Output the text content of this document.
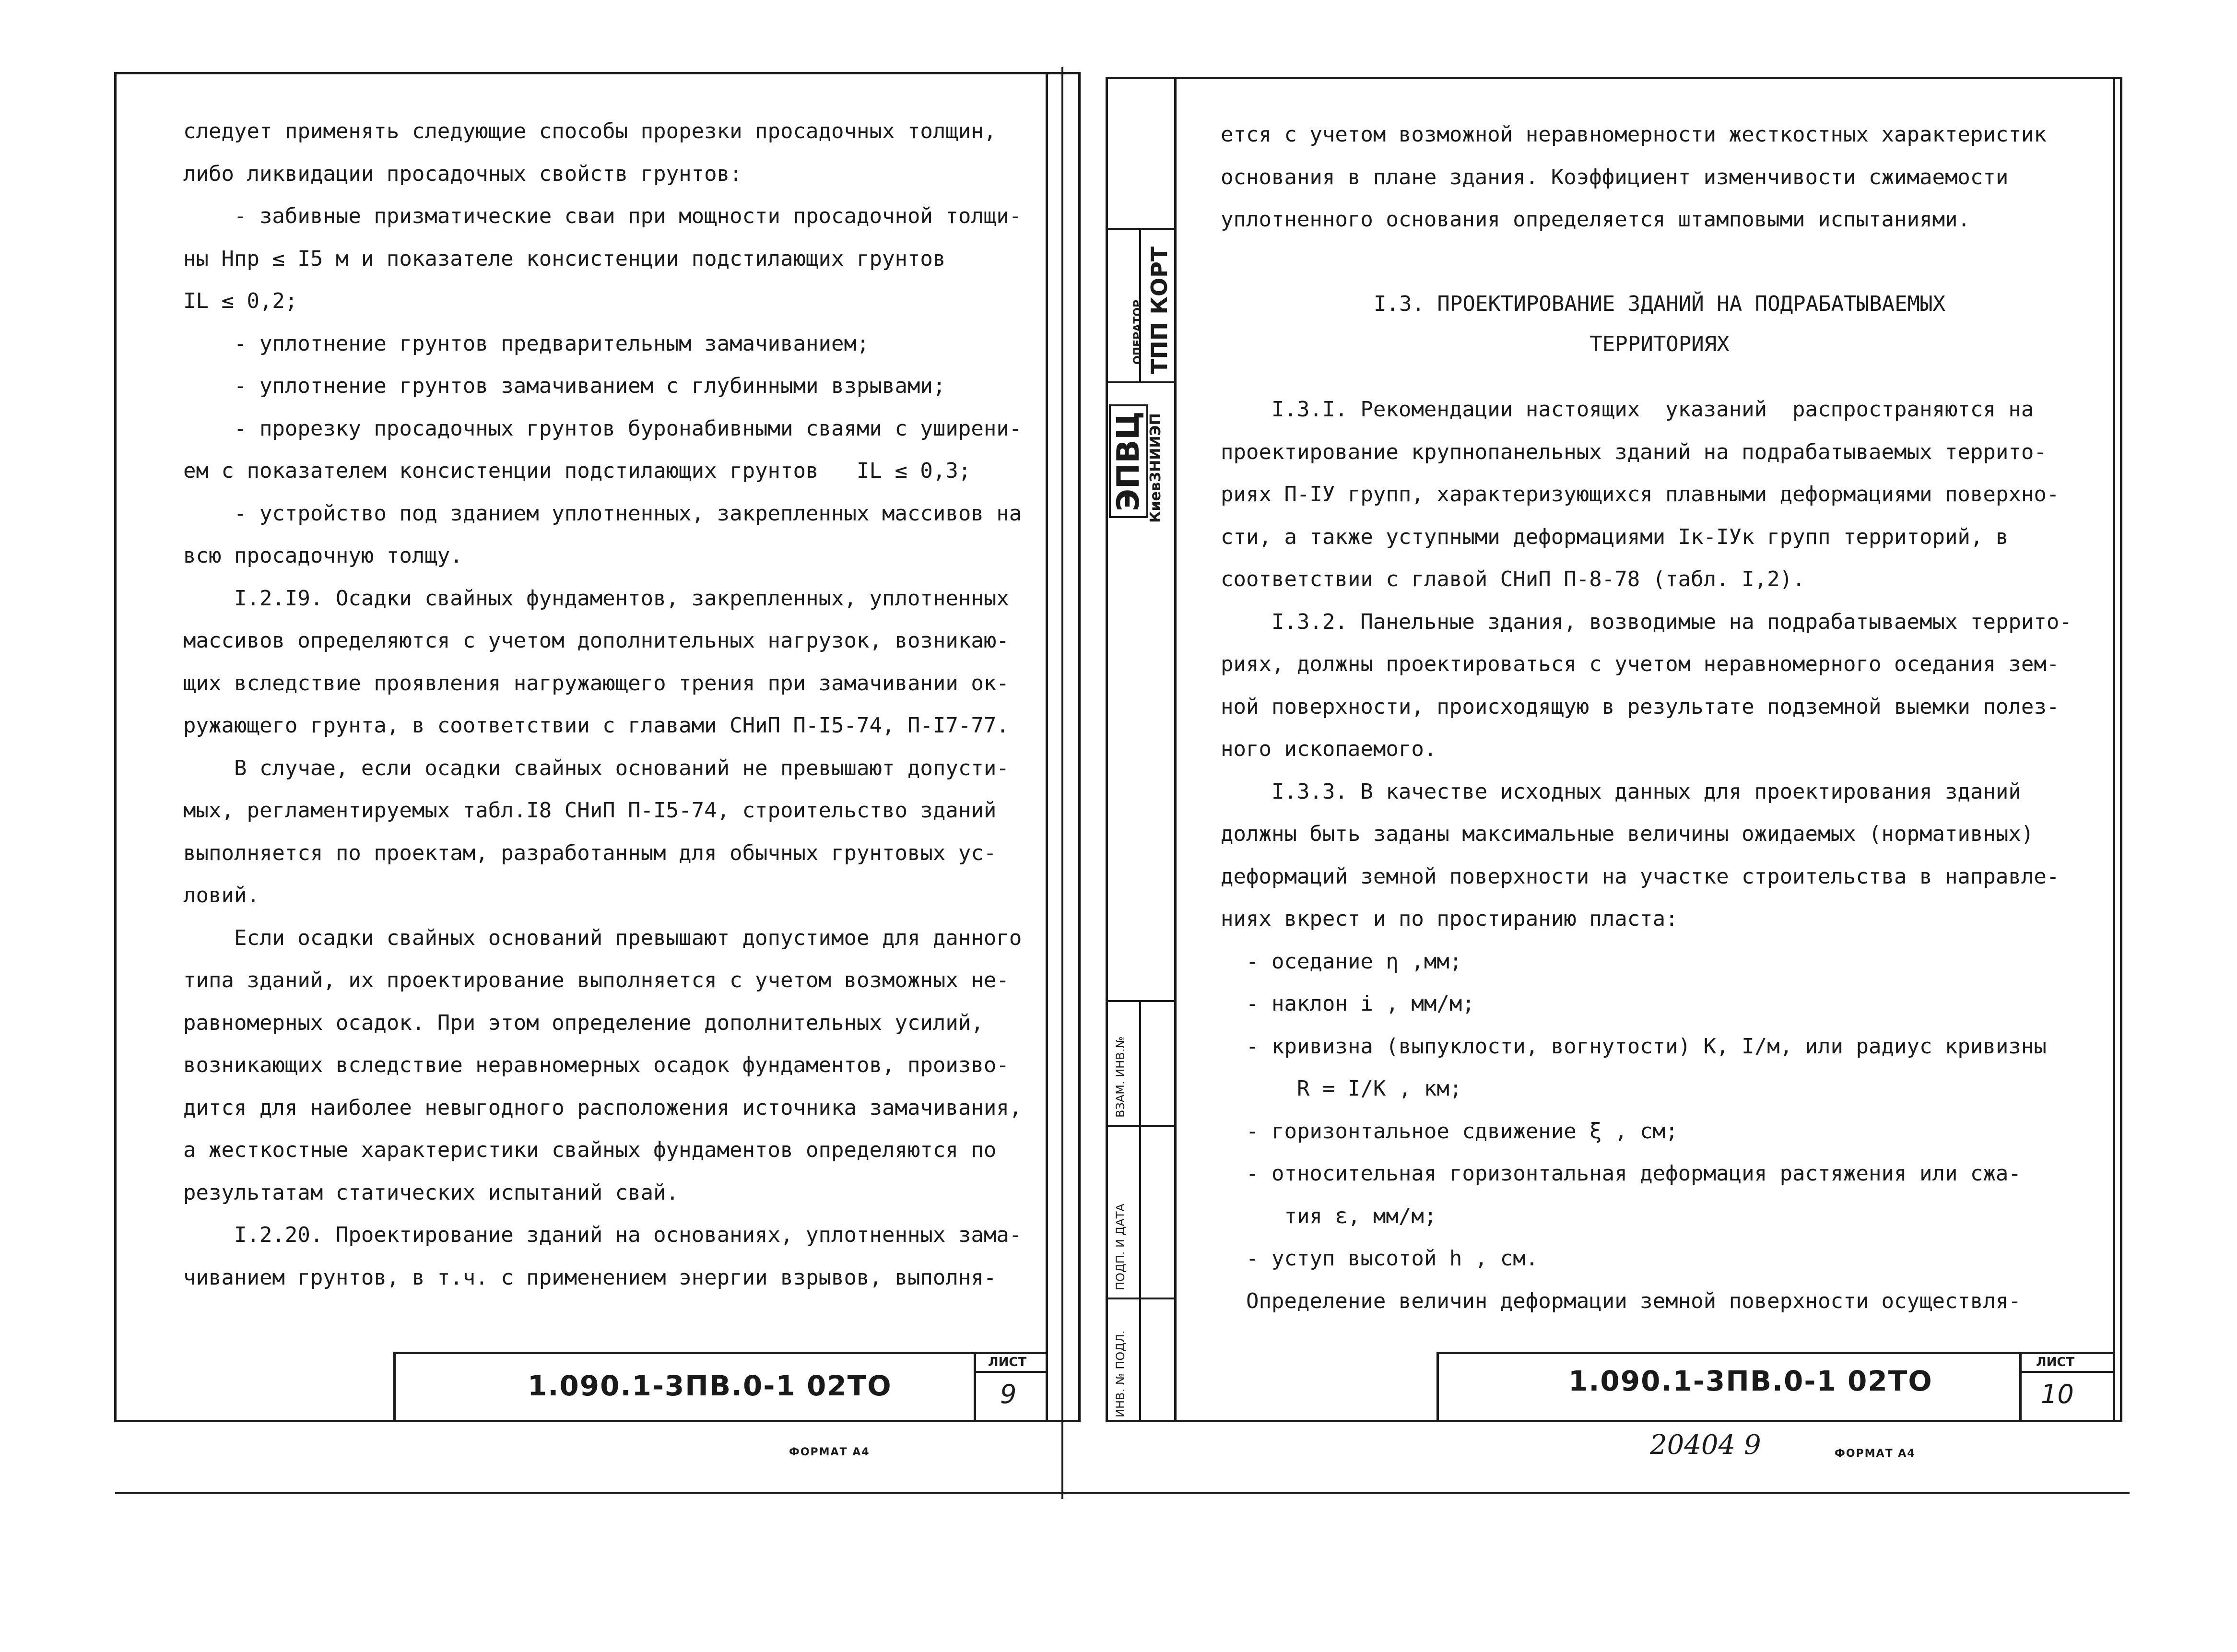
следует применять следующие способы прорезки просадочных толщин,
либо ликвидации просадочных свойств грунтов:
- забивные призматические сваи при мощности просадочной толщи-
ны Нпр ≤ I5 м и показателе консистенции подстилающих грунтов
IL ≤ 0,2;
- уплотнение грунтов предварительным замачиванием;
- уплотнение грунтов замачиванием с глубинными взрывами;
- прорезку просадочных грунтов буронабивными сваями с уширени-
ем с показателем консистенции подстилающих грунтов   IL ≤ 0,3;
- устройство под зданием уплотненных, закрепленных массивов на
всю просадочную толщу.
I.2.I9. Осадки свайных фундаментов, закрепленных, уплотненных
массивов определяются с учетом дополнительных нагрузок, возникаю-
щих вследствие проявления нагружающего трения при замачивании ок-
ружающего грунта, в соответствии с главами СНиП П-I5-74, П-I7-77.
В случае, если осадки свайных оснований не превышают допусти-
мых, регламентируемых табл.I8 СНиП П-I5-74, строительство зданий
выполняется по проектам, разработанным для обычных грунтовых ус-
ловий.
Если осадки свайных оснований превышают допустимое для данного
типа зданий, их проектирование выполняется с учетом возможных не-
равномерных осадок. При этом определение дополнительных усилий,
возникающих вследствие неравномерных осадок фундаментов, произво-
дится для наиболее невыгодного расположения источника замачивания,
а жесткостные характеристики свайных фундаментов определяются по
результатам статических испытаний свай.
I.2.20. Проектирование зданий на основаниях, уплотненных зама-
чиванием грунтов, в т.ч. с применением энергии взрывов, выполня-
1.090.1-3ПВ.0-1 02ТО
ЛИСТ
9
ФОРМАТ А4
ОПЕРАТОР ТПП КОРТ
ЭПВЦ КиевЗНИИЭП
ВЗАМ. ИНВ.№
ПОДП. И ДАТА
ИНВ. № ПОДЛ.
ется с учетом возможной неравномерности жесткостных характеристик
основания в плане здания. Коэффициент изменчивости сжимаемости
уплотненного основания определяется штамповыми испытаниями.
I.3. ПРОЕКТИРОВАНИЕ ЗДАНИЙ НА ПОДРАБАТЫВАЕМЫХ
ТЕРРИТОРИЯХ
I.3.I. Рекомендации настоящих  указаний  распространяются на
проектирование крупнопанельных зданий на подрабатываемых террито-
риях П-IУ групп, характеризующихся плавными деформациями поверхно-
сти, а также уступными деформациями Iк-IУк групп территорий, в
соответствии с главой СНиП П-8-78 (табл. I,2).
I.3.2. Панельные здания, возводимые на подрабатываемых террито-
риях, должны проектироваться с учетом неравномерного оседания зем-
ной поверхности, происходящую в результате подземной выемки полез-
ного ископаемого.
I.3.3. В качестве исходных данных для проектирования зданий
должны быть заданы максимальные величины ожидаемых (нормативных)
деформаций земной поверхности на участке строительства в направле-
ниях вкрест и по простиранию пласта:
- оседание η ,мм;
- наклон i , мм/м;
- кривизна (выпуклости, вогнутости) К, I/м, или радиус кривизны
R = I/K , км;
- горизонтальное сдвижение ξ , см;
- относительная горизонтальная деформация растяжения или сжа-
тия ε, мм/м;
- уступ высотой h , см.
Определение величин деформации земной поверхности осуществля-
1.090.1-3ПВ.0-1 02ТО
ЛИСТ
10
20404 9	ФОРМАТ А4
